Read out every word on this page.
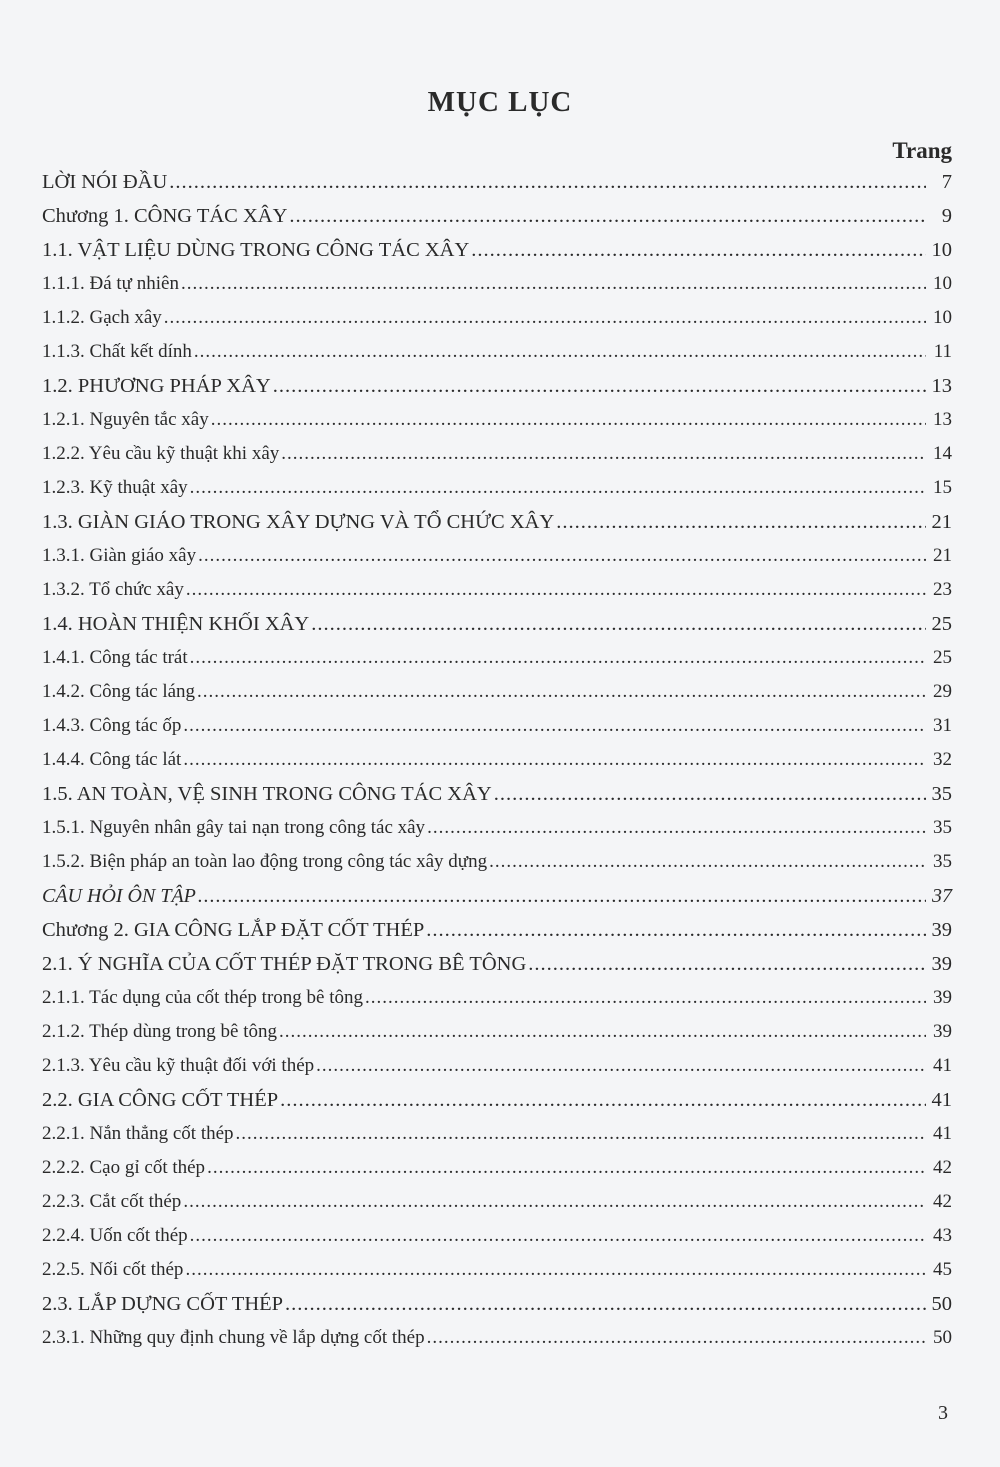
MỤC LỤC
Trang
LỜI NÓI ĐẦU .....	7
Chương 1. CÔNG TÁC XÂY .....	9
1.1. VẬT LIỆU DÙNG TRONG CÔNG TÁC XÂY .....	10
1.1.1. Đá tự nhiên .....	10
1.1.2. Gạch xây .....	10
1.1.3. Chất kết dính .....	11
1.2. PHƯƠNG PHÁP XÂY .....	13
1.2.1. Nguyên tắc xây .....	13
1.2.2. Yêu cầu kỹ thuật khi xây .....	14
1.2.3. Kỹ thuật xây .....	15
1.3. GIÀN GIÁO TRONG XÂY DỰNG VÀ TỔ CHỨC XÂY .....	21
1.3.1. Giàn giáo xây .....	21
1.3.2. Tổ chức xây .....	23
1.4. HOÀN THIỆN KHỐI XÂY .....	25
1.4.1. Công tác trát .....	25
1.4.2. Công tác láng .....	29
1.4.3. Công tác ốp .....	31
1.4.4. Công tác lát .....	32
1.5. AN TOÀN, VỆ SINH TRONG CÔNG TÁC XÂY .....	35
1.5.1. Nguyên nhân gây tai nạn trong công tác xây .....	35
1.5.2. Biện pháp an toàn lao động trong công tác xây dựng .....	35
CÂU HỎI ÔN TẬP .....	37
Chương 2. GIA CÔNG LẮP ĐẶT CỐT THÉP .....	39
2.1. Ý NGHĨA CỦA CỐT THÉP ĐẶT TRONG BÊ TÔNG .....	39
2.1.1. Tác dụng của cốt thép trong bê tông .....	39
2.1.2. Thép dùng trong bê tông .....	39
2.1.3. Yêu cầu kỹ thuật đối với thép .....	41
2.2. GIA CÔNG CỐT THÉP .....	41
2.2.1. Nắn thẳng cốt thép .....	41
2.2.2. Cạo gỉ cốt thép .....	42
2.2.3. Cắt cốt thép .....	42
2.2.4. Uốn cốt thép .....	43
2.2.5. Nối cốt thép .....	45
2.3. LẮP DỰNG CỐT THÉP .....	50
2.3.1. Những quy định chung về lắp dựng cốt thép .....	50
3
